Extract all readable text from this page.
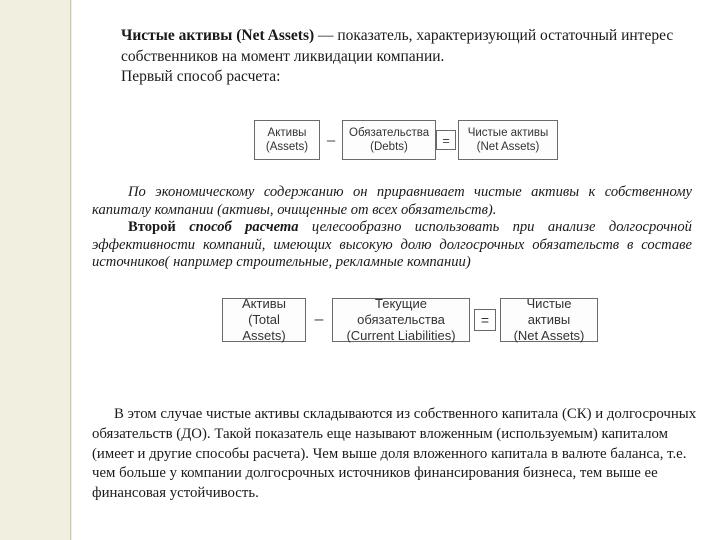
Чистые активы (Net Assets) — показатель, характеризующий остаточный интерес собственников на момент ликвидации компании.

Первый способ расчета:

Активы
(Assets)	–	Обязательства
(Debts)	=	Чистые активы
(Net Assets)

По экономическому содержанию он приравнивает чистые активы к собственному капиталу компании (активы, очищенные от всех обязательств).

Второй способ расчета целесообразно использовать при анализе долгосрочной эффективности компаний, имеющих высокую долю долгосрочных обязательств в составе источников( например строительные, рекламные компании)

Активы
(Total Assets)
–
Текущие обязательства
(Current Liabilities)
=
Чистые активы
(Net Assets)

В этом случае чистые активы складываются из собственного капитала (СК) и долгосрочных обязательств (ДО). Такой показатель еще называют вложенным (используемым) капиталом (имеет и другие способы расчета). Чем выше доля вложенного капитала в валюте баланса, т.е. чем больше у компании долгосрочных источников финансирования бизнеса, тем выше ее финансовая устойчивость.
